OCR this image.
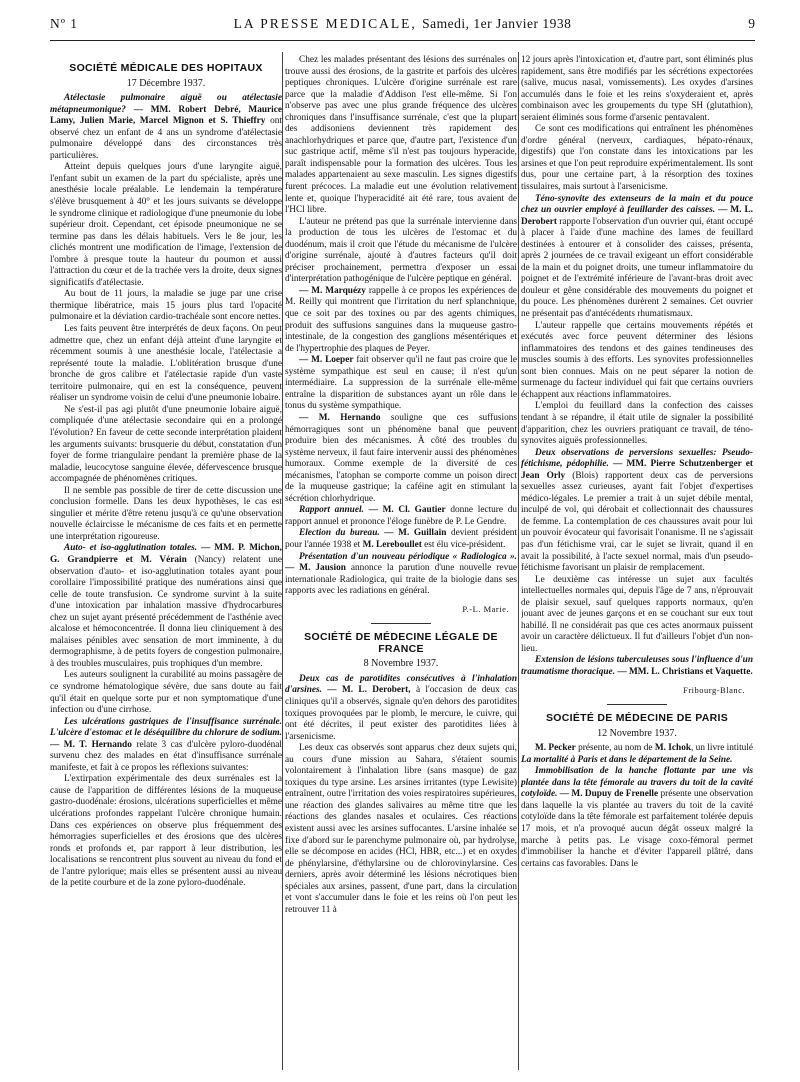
Nº 1	LA PRESSE MEDICALE, Samedi, 1er Janvier 1938	9
SOCIÉTÉ MÉDICALE DES HOPITAUX
17 Décembre 1937.

Atélectasie pulmonaire aiguë ou atélectasie métapneumonique? — MM. Robert Debré, Maurice Lamy, Julien Marie, Marcel Mignon et S. Thieffry ont observé chez un enfant de 4 ans un syndrome d'atélectasie pulmonaire développé dans des circonstances très particulières.

Atteint depuis quelques jours d'une laryngite aiguë, l'enfant subit un examen de la part du spécialiste, après une anesthésie locale préalable. Le lendemain la température s'élève brusquement à 40° et les jours suivants se développe le syndrome clinique et radiologique d'une pneumonie du lobe supérieur droit. Cependant, cet épisode pneumonique ne se termine pas dans les délais habituels. Vers le 8e jour, les clichés montrent une modification de l'image, l'extension de l'ombre à presque toute la hauteur du poumon et aussi l'attraction du cœur et de la trachée vers la droite, deux signes significatifs d'atélectasie.

Au bout de 11 jours, la maladie se juge par une crise thermique libératrice, mais 15 jours plus tard l'opacité pulmonaire et la déviation cardio-trachéale sont encore nettes.

Les faits peuvent être interprétés de deux façons. On peut admettre que, chez un enfant déjà atteint d'une laryngite et récemment soumis à une anesthésie locale, l'atélectasie a représenté toute la maladie. L'oblitération brusque d'une bronche de gros calibre et l'atélectasie rapide d'un vaste territoire pulmonaire, qui en est la conséquence, peuvent réaliser un syndrome voisin de celui d'une pneumonie lobaire.

Ne s'est-il pas agi plutôt d'une pneumonie lobaire aiguë, compliquée d'une atélectasie secondaire qui en a prolongé l'évolution? En faveur de cette seconde interprétation plaident les arguments suivants: brusquerie du début, constatation d'un foyer de forme triangulaire pendant la première phase de la maladie, leucocytose sanguine élevée, défervescence brusque accompagnée de phénomènes critiques.

Il ne semble pas possible de tirer de cette discussion une conclusion formelle. Dans les deux hypothèses, le cas est singulier et mérite d'être retenu jusqu'à ce qu'une observation nouvelle éclaircisse le mécanisme de ces faits et en permette une interprétation rigoureuse.

Auto- et iso-agglutination totales. — MM. P. Michon, G. Grandpierre et M. Vérain (Nancy) relatent une observation d'auto- et iso-agglutination totales ayant pour corollaire l'impossibilité pratique des numérations ainsi que celle de toute transfusion. Ce syndrome survint à la suite d'une intoxication par inhalation massive d'hydrocarbures chez un sujet ayant présenté précédemment de l'asthénie avec alcalose et hémoconcentrée. Il donna lieu cliniquement à des malaises pénibles avec sensation de mort imminente, à du dermographisme, à de petits foyers de congestion pulmonaire, à des troubles musculaires, puis trophiques d'un membre.

Les auteurs soulignent la curabilité au moins passagère de ce syndrome hématologique sévère, due sans doute au fait qu'il était en quelque sorte pur et non symptomatique d'une infection ou d'une cirrhose.

Les ulcérations gastriques de l'insuffisance surrénale. L'ulcère d'estomac et le déséquilibre du chlorure de sodium. — M. T. Hernando relate 3 cas d'ulcère pyloro-duodénal survenu chez des malades en état d'insuffisance surrénale manifeste, et fait à ce propos les réflexions suivantes:

L'extirpation expérimentale des deux surrénales est la cause de l'apparition de différentes lésions de la muqueuse gastro-duodénale: érosions, ulcérations superficielles et même ulcérations profondes rappelant l'ulcère chronique humain. Dans ces expériences on observe plus fréquemment des hémorragies superficielles et des érosions que des ulcères ronds et profonds et, par rapport à leur distribution, les localisations se rencontrent plus souvent au niveau du fond et de l'antre pylorique; mais elles se présentent aussi au niveau de la petite courbure et de la zone pyloro-duodénale.

Chez les malades présentant des lésions des surrénales on trouve aussi des érosions, de la gastrite et parfois des ulcères peptiques chroniques. L'ulcère d'origine surrénale est rare parce que la maladie d'Addison l'est elle-même. Si l'on n'observe pas avec une plus grande fréquence des ulcères chroniques dans l'insuffisance surrénale, c'est que la plupart des addisoniens deviennent très rapidement des anachlorhydriques et parce que, d'autre part, l'existence d'un suc gastrique actif, même s'il n'est pas toujours hyperacide, paraît indispensable pour la formation des ulcères. Tous les malades appartenaient au sexe masculin. Les signes digestifs furent précoces. La maladie eut une évolution relativement lente et, quoique l'hyperacidité ait été rare, tous avaient de l'HCl libre.

L'auteur ne prétend pas que la surrénale intervienne dans la production de tous les ulcères de l'estomac et du duodénum, mais il croit que l'étude du mécanisme de l'ulcère d'origine surrénale, ajouté à d'autres facteurs qu'il doit préciser prochainement, permettra d'exposer un essai d'interprétation pathogénique de l'ulcère peptique en général.

— M. Marquézy rappelle à ce propos les expériences de M. Reilly qui montrent que l'irritation du nerf splanchnique, que ce soit par des toxines ou par des agents chimiques, produit des suffusions sanguines dans la muqueuse gastro-intestinale, de la congestion des ganglions mésentériques et de l'hypertrophie des plaques de Peyer.

— M. Loeper fait observer qu'il ne faut pas croire que le système sympathique est seul en cause; il n'est qu'un intermédiaire. La suppression de la surrénale elle-même entraîne la disparition de substances ayant un rôle dans le tonus du système sympathique.

— M. Hernando souligne que ces suffusions hémorragiques sont un phénomène banal que peuvent produire bien des mécanismes. À côté des troubles du système nerveux, il faut faire intervenir aussi des phénomènes humoraux. Comme exemple de la diversité de ces mécanismes, l'atophan se comporte comme un poison direct de la muqueuse gastrique; la caféine agit en stimulant la sécrétion chlorhydrique.

Rapport annuel. — M. Cl. Gautier donne lecture du rapport annuel et prononce l'éloge funèbre de P. Le Gendre.

Election du bureau. — M. Guillain devient président pour l'année 1938 et M. Lereboullet est élu vice-président.

Présentation d'un nouveau périodique « Radiologica ». — M. Jausion annonce la parution d'une nouvelle revue internationale Radiologica, qui traite de la biologie dans ses rapports avec les radiations en général.

P.-L. Marie.
SOCIÉTÉ DE MÉDECINE LÉGALE DE FRANCE
8 Novembre 1937.

Deux cas de parotidites consécutives à l'inhalation d'arsines. — M. L. Derobert, à l'occasion de deux cas cliniques qu'il a observés, signale qu'en dehors des parotidites toxiques provoquées par le plomb, le mercure, le cuivre, qui ont été décrites, il peut exister des parotidites liées à l'arsenicisme.

Les deux cas observés sont apparus chez deux sujets qui, au cours d'une mission au Sahara, s'étaient soumis volontairement à l'inhalation libre (sans masque) de gaz toxiques du type arsine. Les arsines irritantes (type Lewisite) entraînent, outre l'irritation des voies respiratoires supérieures, une réaction des glandes salivaires au même titre que les réactions des glandes nasales et oculaires. Ces réactions existent aussi avec les arsines suffocantes. L'arsine inhalée se fixe d'abord sur le parenchyme pulmonaire où, par hydrolyse, elle se décompose en acides (HCl, HBR, etc...) et en oxydes de phénylarsine, d'éthylarsine ou de chlorovinylarsine. Ces derniers, après avoir déterminé les lésions nécrotiques bien spéciales aux arsines, passent, d'une part, dans la circulation et vont s'accumuler dans le foie et les reins où l'on peut les retrouver 11 à

12 jours après l'intoxication et, d'autre part, sont éliminés plus rapidement, sans être modifiés par les sécrétions expectorées (salive, mucus nasal, vomissements). Les oxydes d'arsines accumulés dans le foie et les reins s'oxyderaient et, après combinaison avec les groupements du type SH (glutathion), seraient éliminés sous forme d'arsenic pentavalent.

Ce sont ces modifications qui entraînent les phénomènes d'ordre général (nerveux, cardiaques, hépato-rénaux, digestifs) que l'on constate dans les intoxications par les arsines et que l'on peut reproduire expérimentalement. Ils sont dus, pour une certaine part, à la résorption des toxines tissulaires, mais surtout à l'arsenicisme.

Téno-synovite des extenseurs de la main et du pouce chez un ouvrier employé à feuillarder des caisses. — M. L. Derobert rapporte l'observation d'un ouvrier qui, étant occupé à placer à l'aide d'une machine des lames de feuillard destinées à entourer et à consolider des caisses, présenta, après 2 journées de ce travail exigeant un effort considérable de la main et du poignet droits, une tumeur inflammatoire du poignet et de l'extrémité inférieure de l'avant-bras droit avec douleur et gêne considérable des mouvements du poignet et du pouce. Les phénomènes durèrent 2 semaines. Cet ouvrier ne présentait pas d'antécédents rhumatismaux.

L'auteur rappelle que certains mouvements répétés et exécutés avec force peuvent déterminer des lésions inflammatoires des tendons et des gaines tendineuses des muscles soumis à des efforts. Les synovites professionnelles sont bien connues. Mais on ne peut séparer la notion de surmenage du facteur individuel qui fait que certains ouvriers échappent aux réactions inflammatoires.

L'emploi du feuillard dans la confection des caisses tendant à se répandre, il était utile de signaler la possibilité d'apparition, chez les ouvriers pratiquant ce travail, de téno-synovites aiguës professionnelles.

Deux observations de perversions sexuelles: Pseudo-fétichisme, pédophilie. — MM. Pierre Schutzenberger et Jean Orly (Blois) rapportent deux cas de perversions sexuelles assez curieuses, ayant fait l'objet d'expertises médico-légales. Le premier a trait à un sujet débile mental, inculpé de vol, qui dérobait et collectionnait des chaussures de femme. La contemplation de ces chaussures avait pour lui un pouvoir évocateur qui favorisait l'onanisme. Il ne s'agissait pas d'un fétichisme vrai, car le sujet se livrait, quand il en avait la possibilité, à l'acte sexuel normal, mais d'un pseudo-fétichisme favorisant un plaisir de remplacement.

Le deuxième cas intéresse un sujet aux facultés intellectuelles normales qui, depuis l'âge de 7 ans, n'éprouvait de plaisir sexuel, sauf quelques rapports normaux, qu'en jouant avec de jeunes garçons et en se couchant sur eux tout habillé. Il ne considérait pas que ces actes anormaux puissent avoir un caractère délictueux. Il fut d'ailleurs l'objet d'un non-lieu.

Extension de lésions tuberculeuses sous l'influence d'un traumatisme thoracique. — MM. L. Christians et Vaquette.

Fribourg-Blanc.
SOCIÉTÉ DE MÉDECINE DE PARIS
12 Novembre 1937.

M. Pecker présente, au nom de M. Ichok, un livre intitulé La mortalité à Paris et dans le département de la Seine.

Immobilisation de la hanche flottante par une vis plantée dans la tête fémorale au travers du toit de la cavité cotyloïde. — M. Dupuy de Frenelle présente une observation dans laquelle la vis plantée au travers du toit de la cavité cotyloïde dans la tête fémorale est parfaitement tolérée depuis 17 mois, et n'a provoqué aucun dégât osseux malgré la marche à petits pas. Le visage coxo-fémoral permet d'immobiliser la hanche et d'éviter l'appareil plâtré, dans certains cas favorables. Dans le
